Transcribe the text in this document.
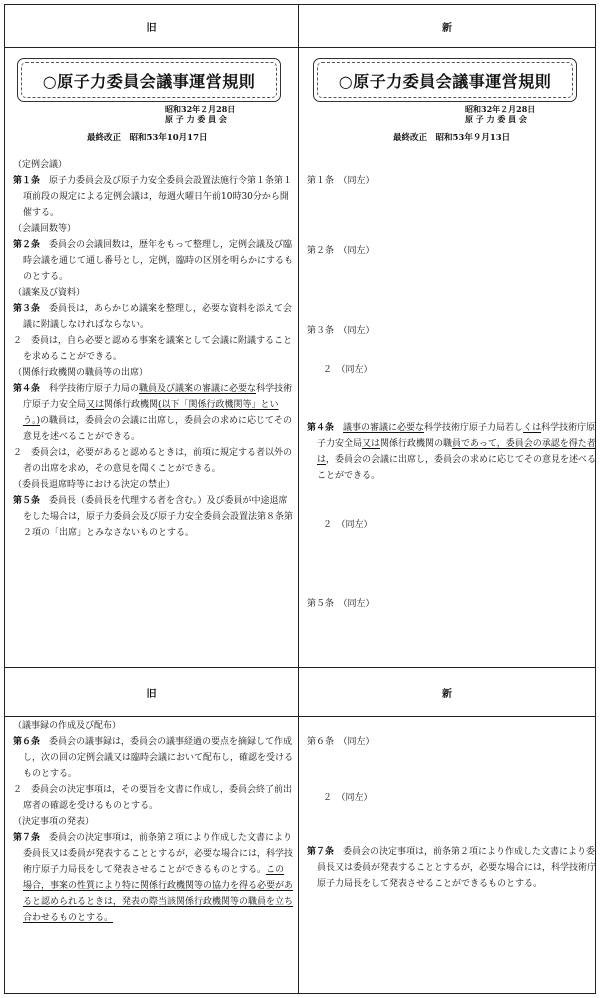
旧	新
○原子力委員会議事運営規則
昭和32年２月28日
原 子 力 委 員 会
最終改正　昭和53年10月17日
（定例会議）
第１条　 原子力委員会及び原子力安全委員会設置法施行令第１条第１項前段の規定による定例会議は，毎週火曜日午前10時30分から開催する。
（会議回数等）
第２条　 委員会の会議回数は，歴年をもって整理し，定例会議及び臨時会議を通じて通し番号とし，定例，臨時の区別を明らかにするものとする。
（議案及び資料）
第３条　 委員長は，あらかじめ議案を整理し，必要な資料を添えて会議に附議しなければならない。
２　 委員は，自ら必要と認める事案を議案として会議に附議することを求めることができる。
（関係行政機関の職員等の出席）
第４条　 科学技術庁原子力局の職員及び議案の審議に必要な科学技術庁原子力安全局又は関係行政機関(以下「関係行政機関等」という。)の職員は，委員会の会議に出席し，委員会の求めに応じてその意見を述べることができる。
２　 委員会は，必要があると認めるときは，前項に規定する者以外の者の出席を求め，その意見を聞くことができる。
（委員長退席時等における決定の禁止）
第５条　 委員長（委員長を代理する者を含む。）及び委員が中途退席をした場合は，原子力委員会及び原子力安全委員会設置法第８条第２項の「出席」とみなさないものとする。
○原子力委員会議事運営規則
昭和32年２月28日
原 子 力 委 員 会
最終改正　昭和53年９月13日
第１条　（同左）
第２条　（同左）
第３条　（同左）
２　（同左）
第４条　 議事の審議に必要な科学技術庁原子力局若しくは科学技術庁原子力安全局又は関係行政機関の職員であって，委員会の承認を得た者は，委員会の会議に出席し，委員会の求めに応じてその意見を述べることができる。
２　（同左）
第５条　（同左）
旧	新
（議事録の作成及び配布）
第６条　 委員会の議事録は，委員会の議事経過の要点を摘録して作成し，次の回の定例会議又は臨時会議において配布し，確認を受けるものとする。
２　 委員会の決定事項は，その要旨を文書に作成し，委員会終了前出席者の確認を受けるものとする。
（決定事項の発表）
第７条　 委員会の決定事項は，前条第２項により作成した文書により委員長又は委員が発表することとするが，必要な場合には，科学技術庁原子力局長をして発表させることができるものとする。この場合，事案の性質により特に関係行政機関等の協力を得る必要があると認められるときは，発表の際当該関係行政機関等の職員を立ち合わせるものとする。
第６条　（同左）
２　（同左）
第７条　 委員会の決定事項は，前条第２項により作成した文書により委員長又は委員が発表することとするが，必要な場合には，科学技術庁原子力局長をして発表させることができるものとする。
